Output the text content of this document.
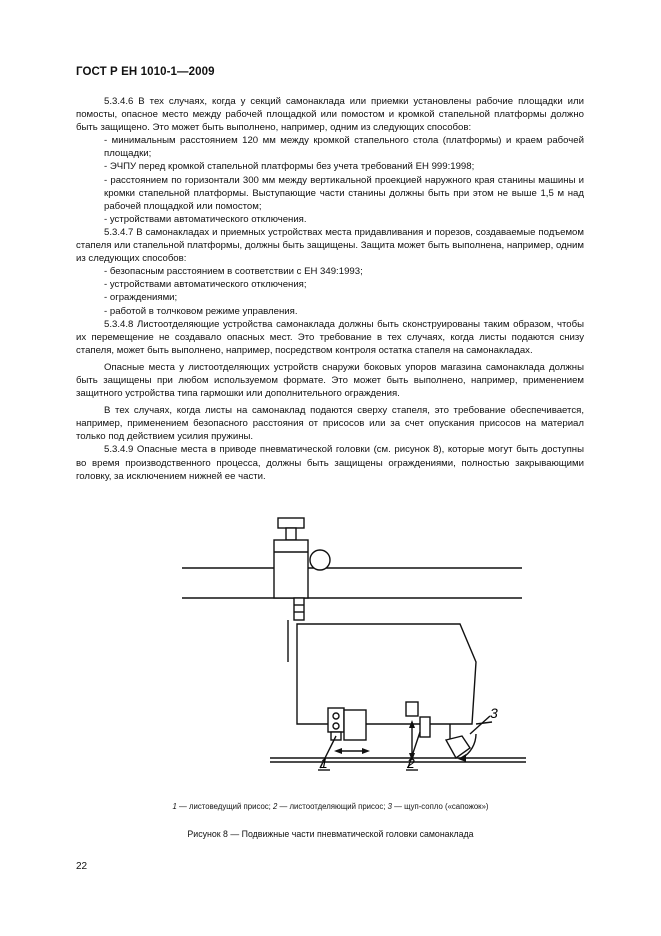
ГОСТ Р ЕН 1010-1—2009

5.3.4.6 В тех случаях, когда у секций самонаклада или приемки установлены рабочие площадки или помосты, опасное место между рабочей площадкой или помостом и кромкой стапельной платформы должно быть защищено. Это может быть выполнено, например, одним из следующих способов:

- минимальным расстоянием 120 мм между кромкой стапельного стола (платформы) и краем рабочей площадки;

- ЭЧПУ перед кромкой стапельной платформы без учета требований ЕН 999:1998;

- расстоянием по горизонтали 300 мм между вертикальной проекцией наружного края станины машины и кромки стапельной платформы. Выступающие части станины должны быть при этом не выше 1,5 м над рабочей площадкой или помостом;

- устройствами автоматического отключения.

5.3.4.7 В самонакладах и приемных устройствах места придавливания и порезов, создаваемые подъемом стапеля или стапельной платформы, должны быть защищены. Защита может быть выполнена, например, одним из следующих способов:

- безопасным расстоянием в соответствии с ЕН 349:1993;

- устройствами автоматического отключения;

- ограждениями;

- работой в толчковом режиме управления.

5.3.4.8 Листоотделяющие устройства самонаклада должны быть сконструированы таким образом, чтобы их перемещение не создавало опасных мест. Это требование в тех случаях, когда листы подаются снизу стапеля, может быть выполнено, например, посредством контроля остатка стапеля на самонакладах.

Опасные места у листоотделяющих устройств снаружи боковых упоров магазина самонаклада должны быть защищены при любом используемом формате. Это может быть выполнено, например, применением защитного устройства типа гармошки или дополнительного ограждения.

В тех случаях, когда листы на самонаклад подаются сверху стапеля, это требование обеспечивается, например, применением безопасного расстояния от присосов или за счет опускания присосов на материал только под действием усилия пружины.

5.3.4.9 Опасные места в приводе пневматической головки (см. рисунок 8), которые могут быть доступны во время производственного процесса, должны быть защищены ограждениями, полностью закрывающими головку, за исключением нижней ее части.

1	2
3
1 — листоведущий присос; 2 — листоотделяющий присос; 3 — щуп-сопло («сапожок»)
Рисунок 8 — Подвижные части пневматической головки самонаклада
22
